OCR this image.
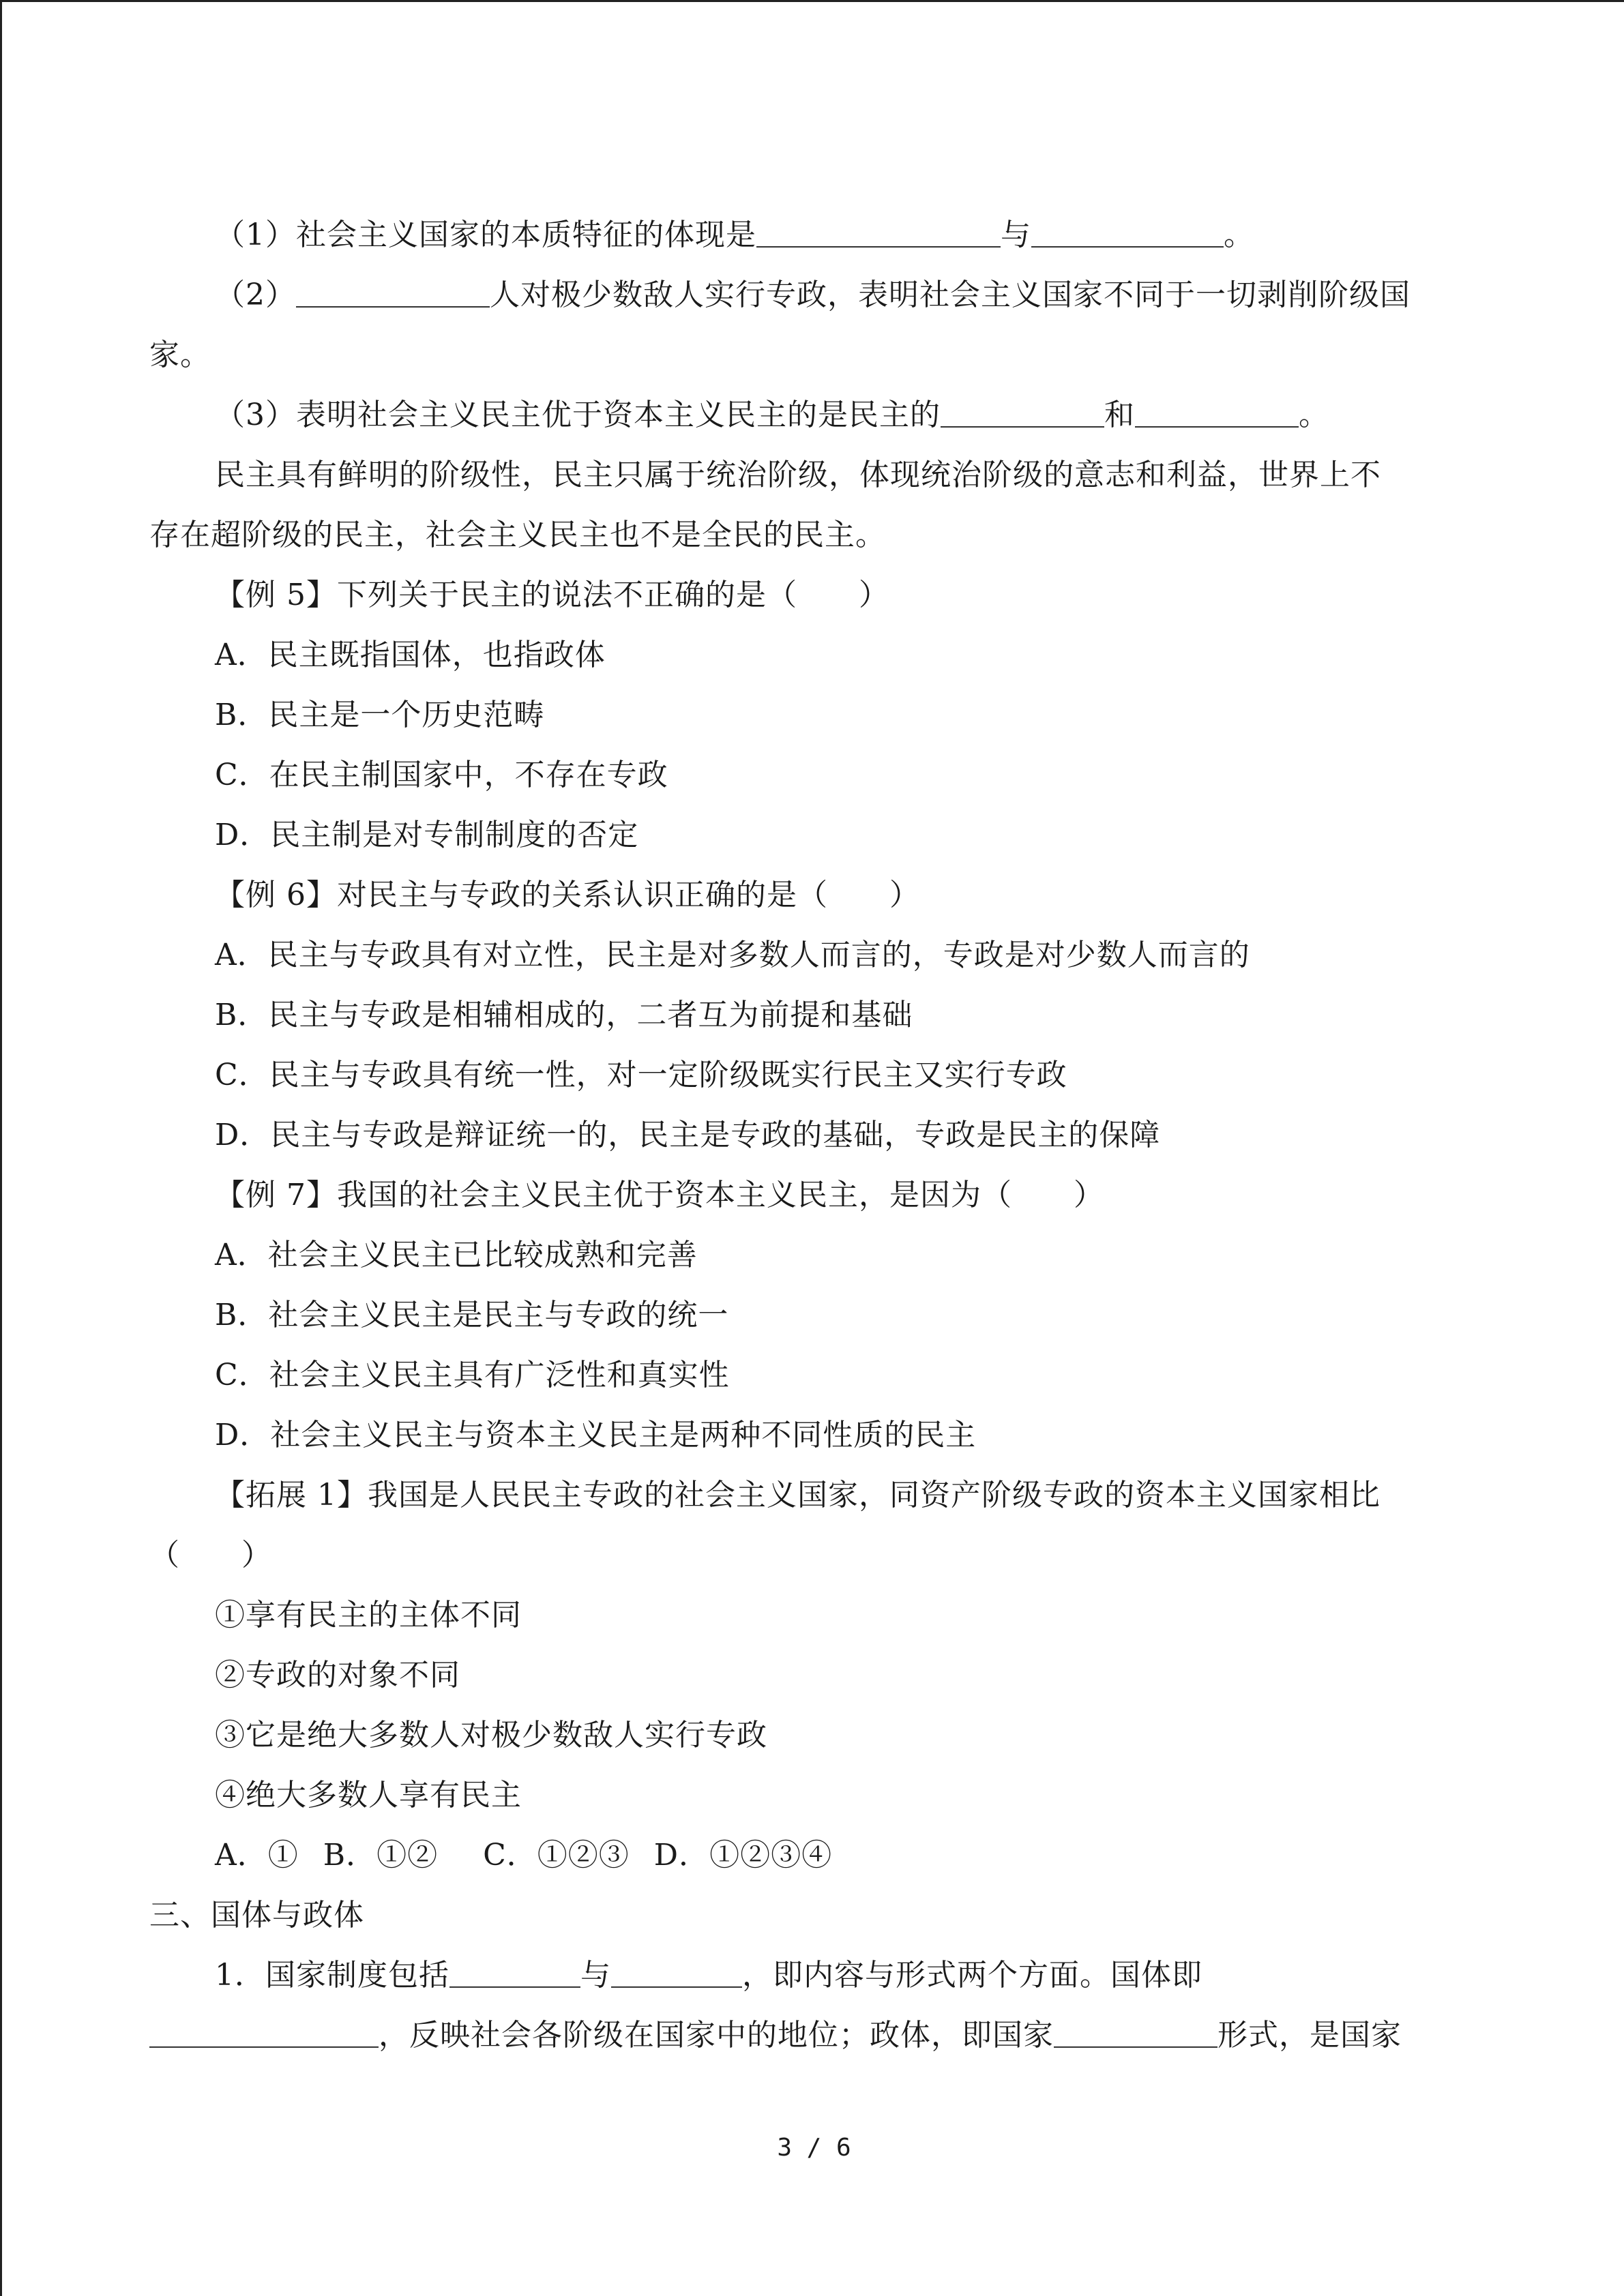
（1）社会主义国家的本质特征的体现是	与	。
（2）	人对极少数敌人实行专政，表明社会主义国家不同于一切剥削阶级国
家。
（3）表明社会主义民主优于资本主义民主的是民主的	和	。
民主具有鲜明的阶级性，民主只属于统治阶级，体现统治阶级的意志和利益，世界上不
存在超阶级的民主，社会主义民主也不是全民的民主。
【例 5】下列关于民主的说法不正确的是（　　）
A．民主既指国体，也指政体
B．民主是一个历史范畴
C．在民主制国家中，不存在专政
D．民主制是对专制制度的否定
【例 6】对民主与专政的关系认识正确的是（　　）
A．民主与专政具有对立性，民主是对多数人而言的，专政是对少数人而言的
B．民主与专政是相辅相成的，二者互为前提和基础
C．民主与专政具有统一性，对一定阶级既实行民主又实行专政
D．民主与专政是辩证统一的，民主是专政的基础，专政是民主的保障
【例 7】我国的社会主义民主优于资本主义民主，是因为（　　）
A．社会主义民主已比较成熟和完善
B．社会主义民主是民主与专政的统一
C．社会主义民主具有广泛性和真实性
D．社会主义民主与资本主义民主是两种不同性质的民主
【拓展 1】我国是人民民主专政的社会主义国家，同资产阶级专政的资本主义国家相比
（　　）
①享有民主的主体不同
②专政的对象不同
③它是绝大多数人对极少数敌人实行专政
④绝大多数人享有民主
A．① B．①② C．①②③ D．①②③④
三、国体与政体
1．国家制度包括	与	，即内容与形式两个方面。国体即
，反映社会各阶级在国家中的地位；政体，即国家	形式，是国家
3 / 6
